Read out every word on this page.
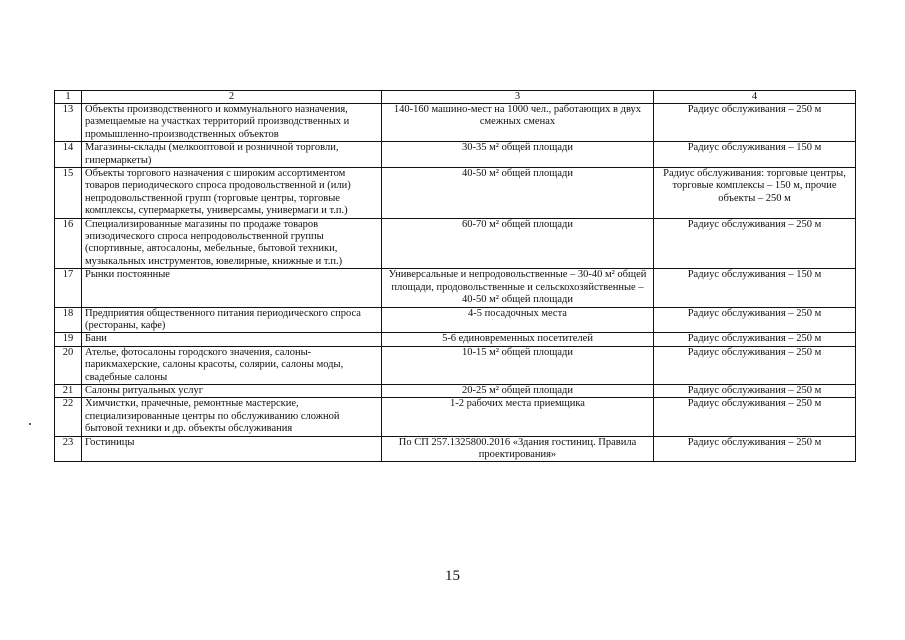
1	2	3	4
13	Объекты производственного и коммунального назначения, размещаемые на участках территорий производственных и промышленно-производственных объектов	140-160 машино-мест на 1000 чел., работающих в двух смежных сменах	Радиус обслуживания – 250 м
14	Магазины-склады (мелкооптовой и розничной торговли, гипермаркеты)	30-35 м² общей площади	Радиус обслуживания – 150 м
15	Объекты торгового назначения с широким ассортиментом товаров периодического спроса продовольственной и (или) непродовольственной групп (торговые центры, торговые комплексы, супермаркеты, универсамы, универмаги и т.п.)	40-50 м² общей площади	Радиус обслуживания: торговые центры, торговые комплексы – 150 м, прочие объекты – 250 м
16	Специализированные магазины по продаже товаров эпизодического спроса непродовольственной группы (спортивные, автосалоны, мебельные, бытовой техники, музыкальных инструментов, ювелирные, книжные и т.п.)	60-70 м² общей площади	Радиус обслуживания – 250 м
17	Рынки постоянные	Универсальные и непродовольственные – 30-40 м² общей площади, продовольственные и сельскохозяйственные – 40-50 м² общей площади	Радиус обслуживания – 150 м
18	Предприятия общественного питания периодического спроса (рестораны, кафе)	4-5 посадочных места	Радиус обслуживания – 250 м
19	Бани	5-6 единовременных посетителей	Радиус обслуживания – 250 м
20	Ателье, фотосалоны городского значения, салоны-парикмахерские, салоны красоты, солярии, салоны моды, свадебные салоны	10-15 м² общей площади	Радиус обслуживания – 250 м
21	Салоны ритуальных услуг	20-25 м² общей площади	Радиус обслуживания – 250 м
22	Химчистки, прачечные, ремонтные мастерские, специализированные центры по обслуживанию сложной бытовой техники и др. объекты обслуживания	1-2 рабочих места приемщика	Радиус обслуживания – 250 м
23	Гостиницы	По СП 257.1325800.2016 «Здания гостиниц. Правила проектирования»	Радиус обслуживания – 250 м
15
